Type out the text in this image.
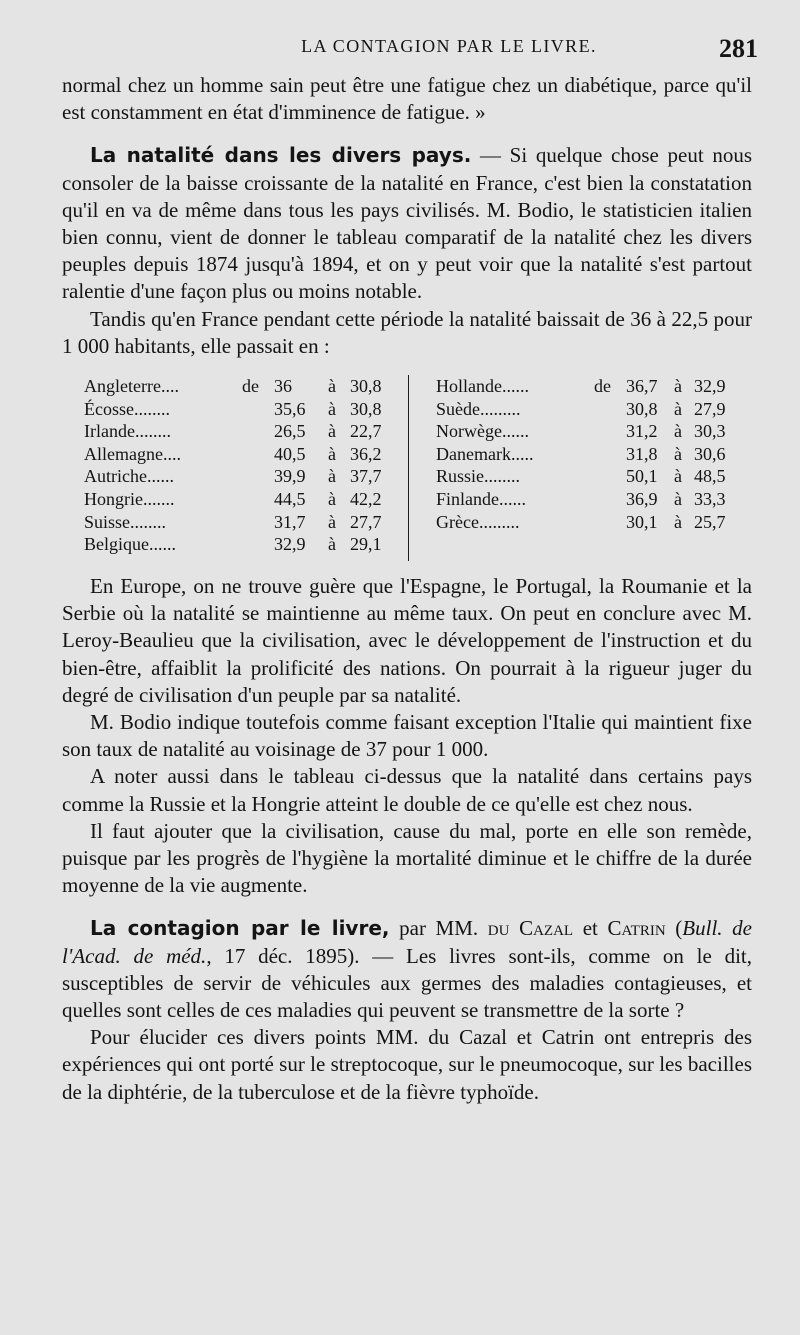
LA CONTAGION PAR LE LIVRE.	281

normal chez un homme sain peut être une fatigue chez un diabétique, parce qu'il est constamment en état d'imminence de fatigue. »

La natalité dans les divers pays. — Si quelque chose peut nous consoler de la baisse croissante de la natalité en France, c'est bien la constatation qu'il en va de même dans tous les pays civilisés. M. Bodio, le statisticien italien bien connu, vient de donner le tableau comparatif de la natalité chez les divers peuples depuis 1874 jusqu'à 1894, et on y peut voir que la natalité s'est partout ralentie d'une façon plus ou moins notable.

Tandis qu'en France pendant cette période la natalité baissait de 36 à 22,5 pour 1 000 habitants, elle passait en :

Angleterre....	de 36 à 30,8
Écosse........	35,6 à 30,8
Irlande........	26,5 à 22,7
Allemagne....	40,5 à 36,2
Autriche......	39,9 à 37,7
Hongrie.......	44,5 à 42,2
Suisse........	31,7 à 27,7
Belgique......	32,9 à 29,1
Hollande......	de 36,7 à 32,9
Suède.........	30,8 à 27,9
Norwège......	31,2 à 30,3
Danemark.....	31,8 à 30,6
Russie........	50,1 à 48,5
Finlande......	36,9 à 33,3
Grèce.........	30,1 à 25,7

En Europe, on ne trouve guère que l'Espagne, le Portugal, la Roumanie et la Serbie où la natalité se maintienne au même taux. On peut en conclure avec M. Leroy-Beaulieu que la civilisation, avec le développement de l'instruction et du bien-être, affaiblit la prolificité des nations. On pourrait à la rigueur juger du degré de civilisation d'un peuple par sa natalité.

M. Bodio indique toutefois comme faisant exception l'Italie qui maintient fixe son taux de natalité au voisinage de 37 pour 1 000.

A noter aussi dans le tableau ci-dessus que la natalité dans certains pays comme la Russie et la Hongrie atteint le double de ce qu'elle est chez nous.

Il faut ajouter que la civilisation, cause du mal, porte en elle son remède, puisque par les progrès de l'hygiène la mortalité diminue et le chiffre de la durée moyenne de la vie augmente.

La contagion par le livre, par MM. du Cazal et Catrin (Bull. de l'Acad. de méd., 17 déc. 1895). — Les livres sont-ils, comme on le dit, susceptibles de servir de véhicules aux germes des maladies contagieuses, et quelles sont celles de ces maladies qui peuvent se transmettre de la sorte ?

Pour élucider ces divers points MM. du Cazal et Catrin ont entrepris des expériences qui ont porté sur le streptocoque, sur le pneumocoque, sur les bacilles de la diphtérie, de la tuberculose et de la fièvre typhoïde.
